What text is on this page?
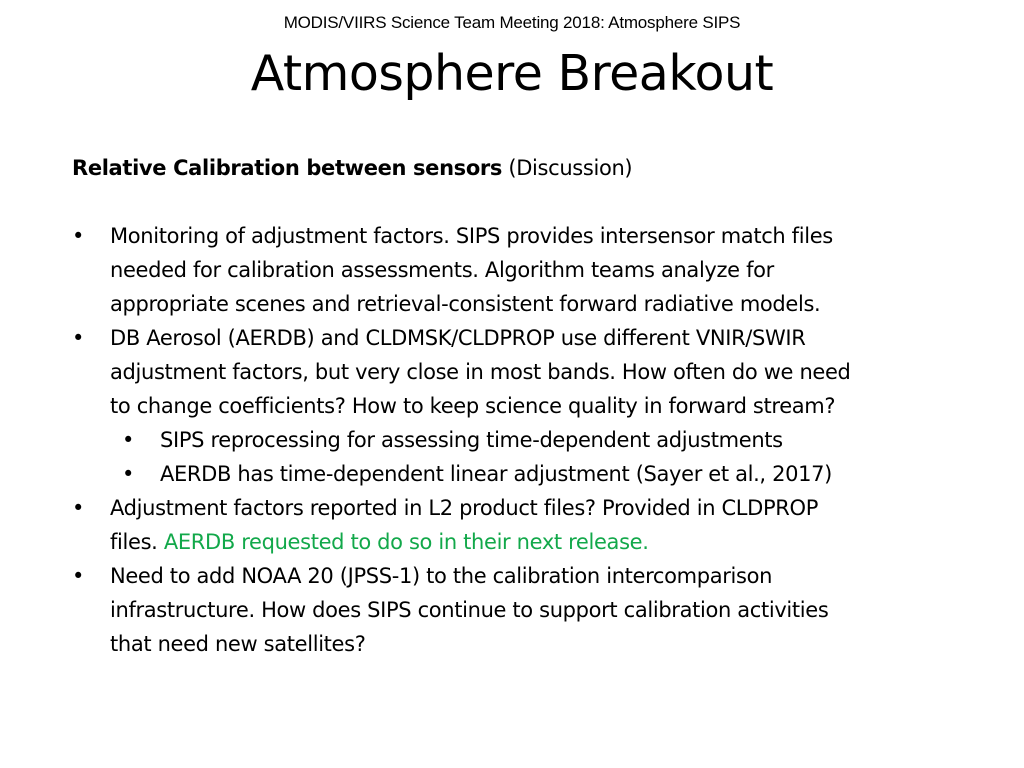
MODIS/VIIRS Science Team Meeting 2018: Atmosphere SIPS
Atmosphere Breakout
Relative Calibration between sensors (Discussion)
• Monitoring of adjustment factors. SIPS provides intersensor match files
needed for calibration assessments. Algorithm teams analyze for
appropriate scenes and retrieval-consistent forward radiative models.
• DB Aerosol (AERDB) and CLDMSK/CLDPROP use different VNIR/SWIR
adjustment factors, but very close in most bands. How often do we need
to change coefficients? How to keep science quality in forward stream?
• SIPS reprocessing for assessing time-dependent adjustments
• AERDB has time-dependent linear adjustment (Sayer et al., 2017)
• Adjustment factors reported in L2 product files? Provided in CLDPROP
files. AERDB requested to do so in their next release.
• Need to add NOAA 20 (JPSS-1) to the calibration intercomparison
infrastructure. How does SIPS continue to support calibration activities
that need new satellites?
